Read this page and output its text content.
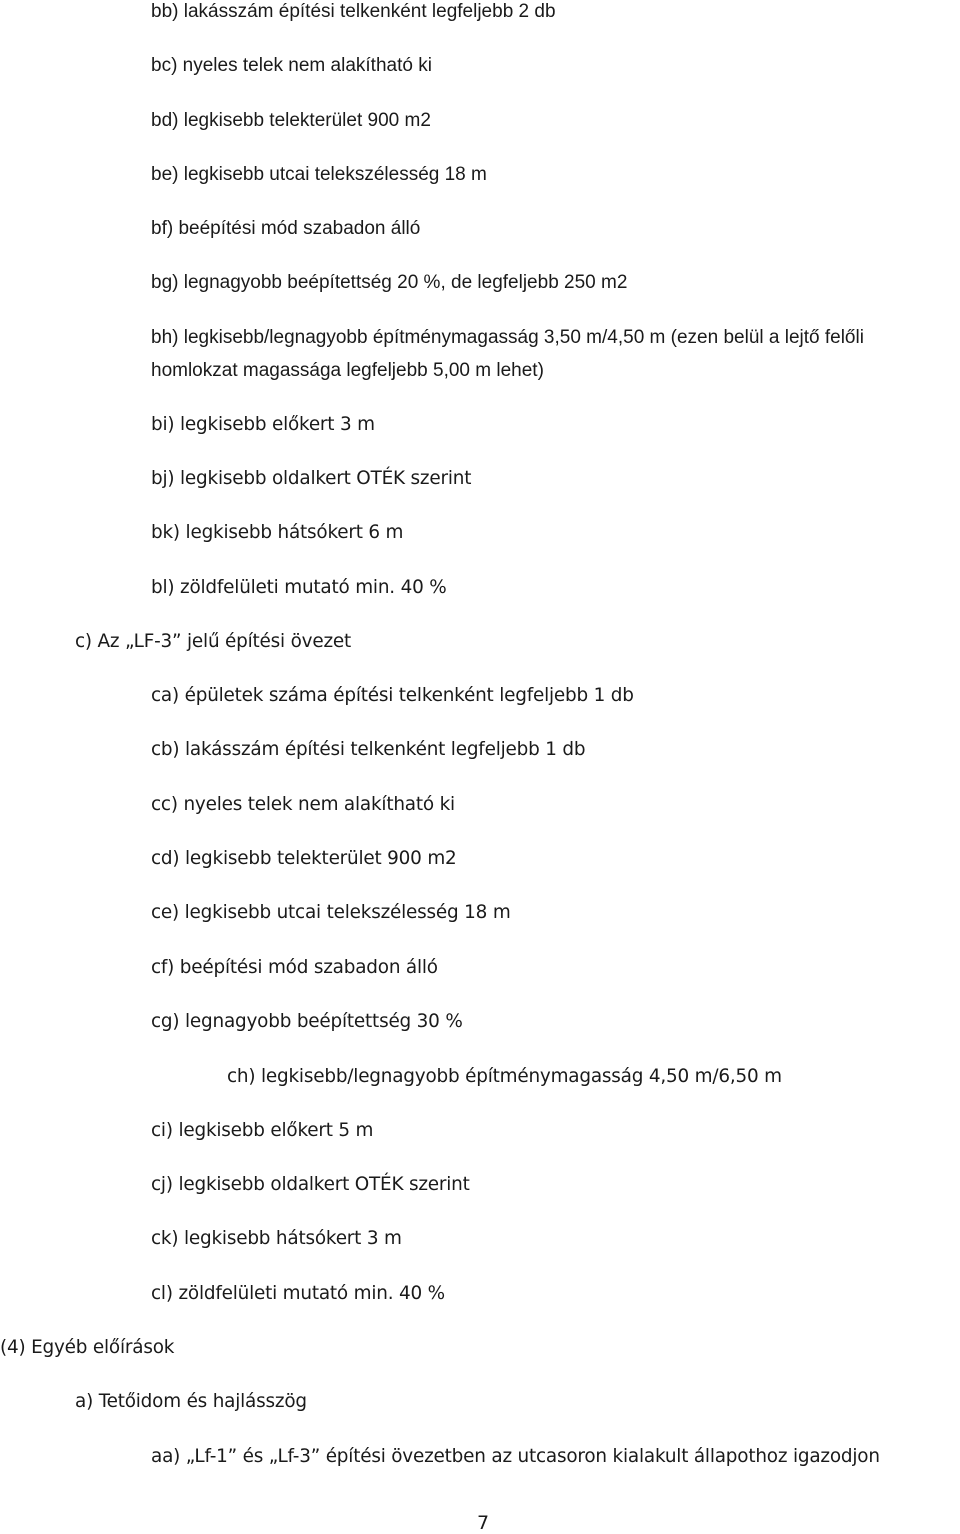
bb) lakásszám építési telkenként legfeljebb 2 db
bc) nyeles telek nem alakítható ki
bd) legkisebb telekterület 900 m2
be) legkisebb utcai telekszélesség 18 m
bf) beépítési mód szabadon álló
bg) legnagyobb beépítettség 20 %, de legfeljebb 250 m2
bh) legkisebb/legnagyobb építménymagasság 3,50 m/4,50 m (ezen belül a lejtő felőli
homlokzat magassága legfeljebb 5,00 m lehet)
bi) legkisebb előkert 3 m
bj) legkisebb oldalkert OTÉK szerint
bk) legkisebb hátsókert 6 m
bl) zöldfelületi mutató min. 40 %
c) Az „LF-3” jelű építési övezet
ca) épületek száma építési telkenként legfeljebb 1 db
cb) lakásszám építési telkenként legfeljebb 1 db
cc) nyeles telek nem alakítható ki
cd) legkisebb telekterület 900 m2
ce) legkisebb utcai telekszélesség 18 m
cf) beépítési mód szabadon álló
cg) legnagyobb beépítettség 30 %
ch) legkisebb/legnagyobb építménymagasság 4,50 m/6,50 m
ci) legkisebb előkert 5 m
cj) legkisebb oldalkert OTÉK szerint
ck) legkisebb hátsókert 3 m
cl) zöldfelületi mutató min. 40 %
(4) Egyéb előírások
a) Tetőidom és hajlásszög
aa) „Lf-1” és „Lf-3” építési övezetben az utcasoron kialakult állapothoz igazodjon
7
